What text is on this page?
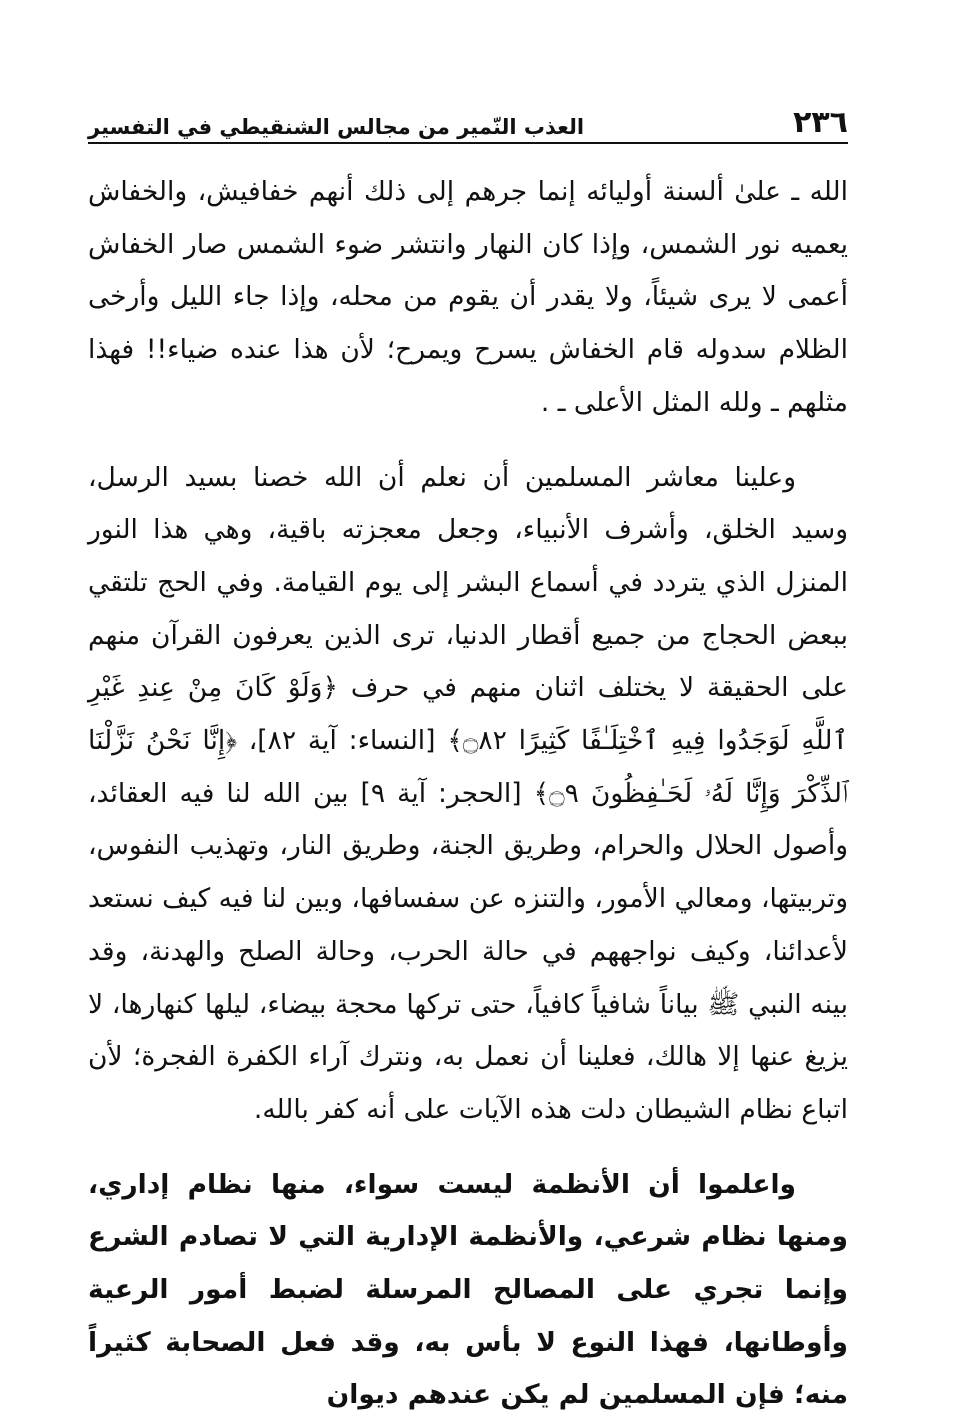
٢٣٦
العذب النّمير من مجالس الشنقيطي في التفسير

الله ـ علىٰ ألسنة أوليائه إنما جرهم إلى ذلك أنهم خفافيش، والخفاش يعميه نور الشمس، وإذا كان النهار وانتشر ضوء الشمس صار الخفاش أعمى لا يرى شيئاً، ولا يقدر أن يقوم من محله، وإذا جاء الليل وأرخى الظلام سدوله قام الخفاش يسرح ويمرح؛ لأن هذا عنده ضياء!! فهذا مثلهم ـ ولله المثل الأعلى ـ .

وعلينا معاشر المسلمين أن نعلم أن الله خصنا بسيد الرسل، وسيد الخلق، وأشرف الأنبياء، وجعل معجزته باقية، وهي هذا النور المنزل الذي يتردد في أسماع البشر إلى يوم القيامة. وفي الحج تلتقي ببعض الحجاج من جميع أقطار الدنيا، ترى الذين يعرفون القرآن منهم على الحقيقة لا يختلف اثنان منهم في حرف ﴿وَلَوْ كَانَ مِنْ عِندِ غَيْرِ ٱللَّهِ لَوَجَدُوا فِيهِ ٱخْتِلَـٰفًا كَثِيرًا ۝٨٢﴾ [النساء: آية ٨٢]، ﴿إِنَّا نَحْنُ نَزَّلْنَا ٱلذِّكْرَ وَإِنَّا لَهُۥ لَحَـٰفِظُونَ ۝٩﴾ [الحجر: آية ٩] بين الله لنا فيه العقائد، وأصول الحلال والحرام، وطريق الجنة، وطريق النار، وتهذيب النفوس، وتربيتها، ومعالي الأمور، والتنزه عن سفسافها، وبين لنا فيه كيف نستعد لأعدائنا، وكيف نواجههم في حالة الحرب، وحالة الصلح والهدنة، وقد بينه النبي ﷺ بياناً شافياً كافياً، حتى تركها محجة بيضاء، ليلها كنهارها، لا يزيغ عنها إلا هالك، فعلينا أن نعمل به، ونترك آراء الكفرة الفجرة؛ لأن اتباع نظام الشيطان دلت هذه الآيات على أنه كفر بالله.

واعلموا أن الأنظمة ليست سواء، منها نظام إداري، ومنها نظام شرعي، والأنظمة الإدارية التي لا تصادم الشرع وإنما تجري على المصالح المرسلة لضبط أمور الرعية وأوطانها، فهذا النوع لا بأس به، وقد فعل الصحابة كثيراً منه؛ فإن المسلمين لم يكن عندهم ديوان
